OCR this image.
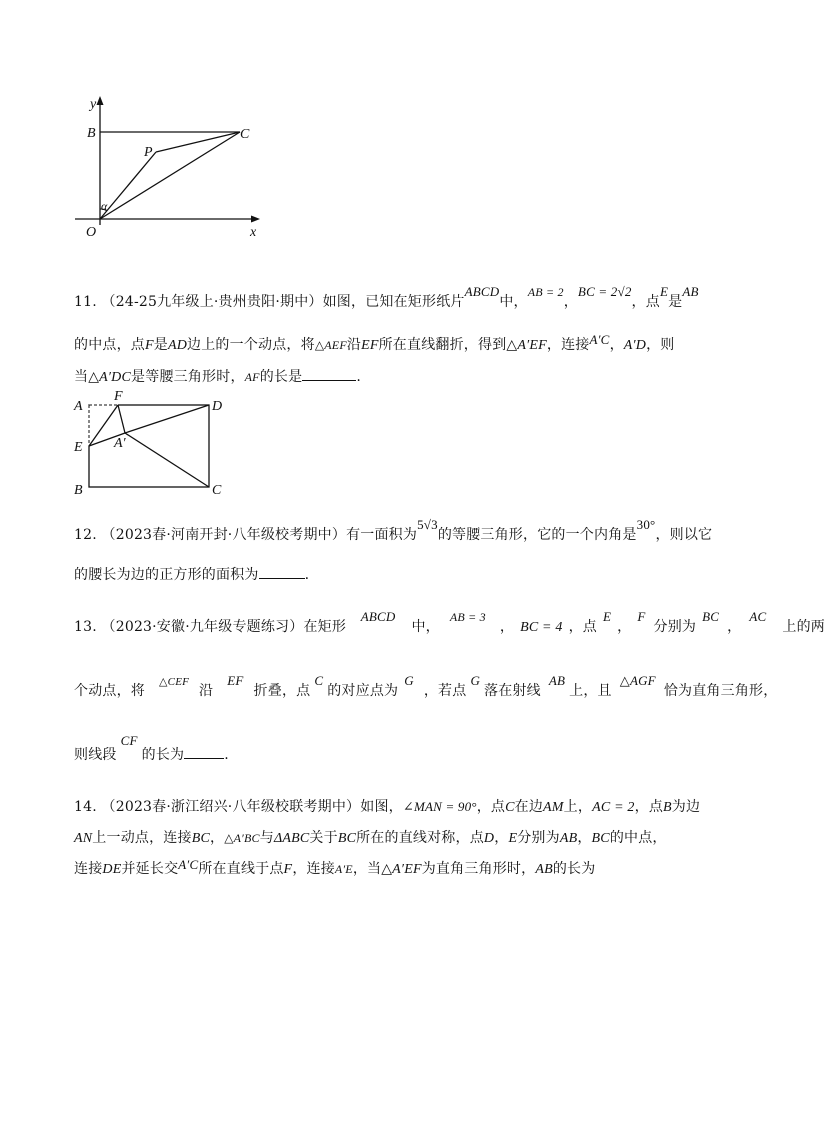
y
x
O
B	C
P
α
11. （24-25九年级上·贵州贵阳·期中）如图，已知在矩形纸片ABCD中，AB = 2，BC = 2√2，点E是AB
的中点，点F是AD边上的一个动点，将△AEF沿EF所在直线翻折，得到△A′EF，连接A′C，A′D，则
当△A′DC是等腰三角形时，AF的长是	.
A
F
D
E A′
B	C
12. （2023春·河南开封·八年级校考期中）有一面积为5√3的等腰三角形，它的一个内角是30°，则以它
的腰长为边的正方形的面积为	.
13. （2023·安徽·九年级专题练习）在矩形 ABCD中，AB = 3， BC = 4 ，点E，F分别为BC，AC上的两
个动点，将$^{\triangle CEF}$沿EF折叠，点C的对应点为G，若点G落在射线AB上，且△AGF恰为直角三角形，
则线段CF的长为	.
14. （2023春·浙江绍兴·八年级校联考期中）如图，∠MAN = 90°，点C在边AM上，AC = 2，点B为边
AN上一动点，连接BC，△A′BC与ΔABC关于BC所在的直线对称，点D，E分别为AB，BC的中点，
连接DE并延长交A′C所在直线于点F，连接A′E，当△A′EF为直角三角形时，AB的长为
